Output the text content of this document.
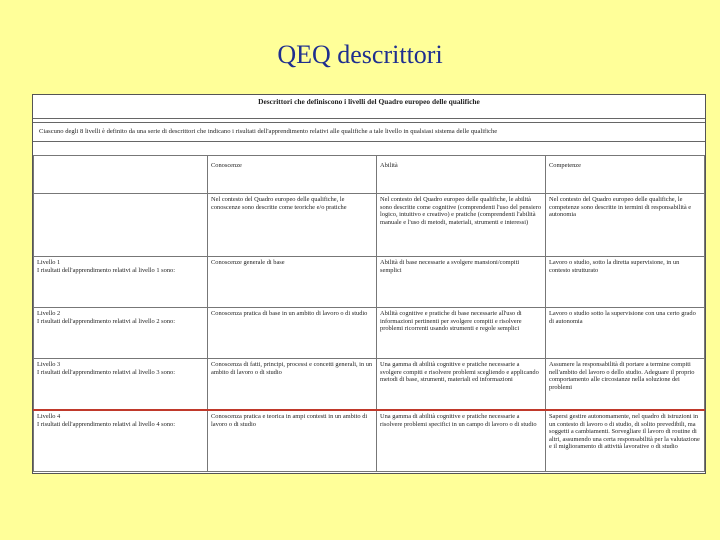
QEQ descrittori
Descrittori che definiscono i livelli del Quadro europeo delle qualifiche
Ciascuno degli 8 livelli è definito da una serie di descrittori che indicano i risultati dell'apprendimento relativi alle qualifiche a tale livello in qualsiasi sistema delle qualifiche
	Conoscenze	Abilità	Competenze
	Nel contesto del Quadro europeo delle qualifiche, le conoscenze sono descritte come teoriche e/o pratiche	Nel contesto del Quadro europeo delle qualifiche, le abilità sono descritte come cognitive (comprendenti l'uso del pensiero logico, intuitivo e creativo) e pratiche (comprendenti l'abilità manuale e l'uso di metodi, materiali, strumenti e interessi)	Nel contesto del Quadro europeo delle qualifiche, le competenze sono descritte in termini di responsabilità e autonomia

Livello 1
I risultati dell'apprendimento relativi al livello 1 sono:	Conoscenze generale di base	Abilità di base necessarie a svolgere mansioni/compiti semplici	Lavoro o studio, sotto la diretta supervisione, in un contesto strutturato

Livello 2
I risultati dell'apprendimento relativi al livello 2 sono:	Conoscenza pratica di base in un ambito di lavoro o di studio	Abilità cognitive e pratiche di base necessarie all'uso di informazioni pertinenti per svolgere compiti e risolvere problemi ricorrenti usando strumenti e regole semplici	Lavoro o studio sotto la supervisione con una certo grado di autonomia

Livello 3
I risultati dell'apprendimento relativi al livello 3 sono:	Conoscenza di fatti, principi, processi e concetti generali, in un ambito di lavoro o di studio	Una gamma di abilità cognitive e pratiche necessarie a svolgere compiti e risolvere problemi scegliendo e applicando metodi di base, strumenti, materiali ed informazioni	Assumere la responsabilità di portare a termine compiti nell'ambito del lavoro o dello studio. Adeguare il proprio comportamento alle circostanze nella soluzione dei problemi

Livello 4
I risultati dell'apprendimento relativi al livello 4 sono:	Conoscenza pratica e teorica in ampi contesti in un ambito di lavoro o di studio	Una gamma di abilità cognitive e pratiche necessarie a risolvere problemi specifici in un campo di lavoro o di studio	Sapersi gestire autonomamente, nel quadro di istruzioni in un contesto di lavoro o di studio, di solito prevedibili, ma soggetti a cambiamenti. Sorvegliare il lavoro di routine di altri, assumendo una certa responsabilità per la valutazione e il miglioramento di attività lavorative o di studio
